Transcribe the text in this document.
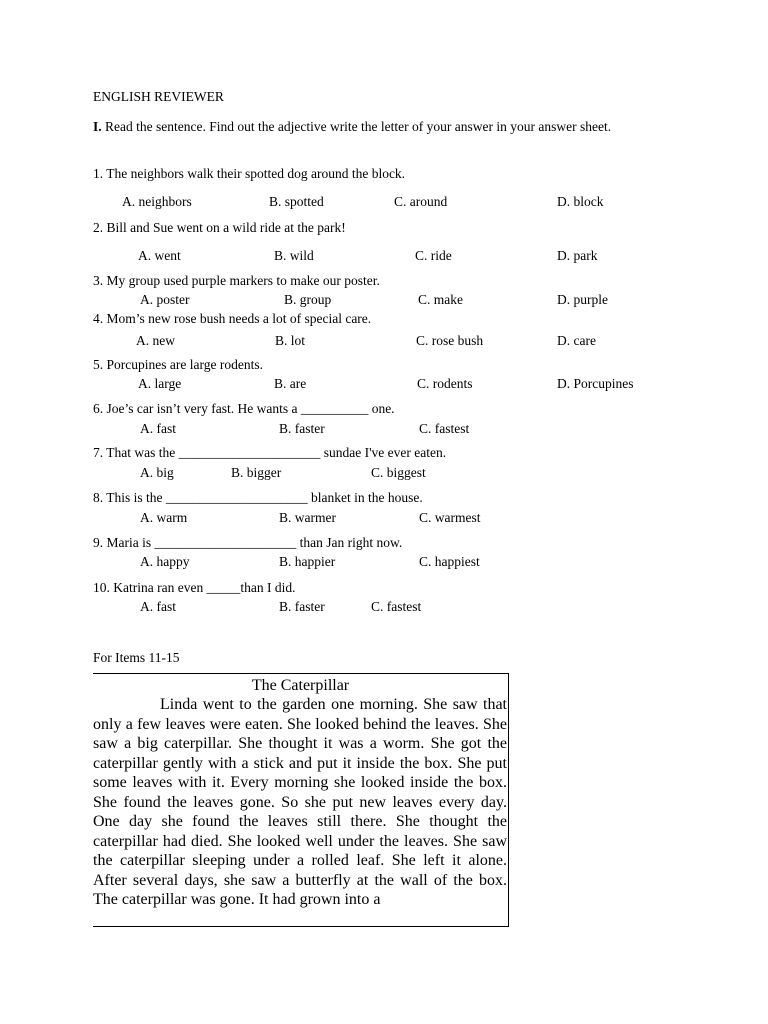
ENGLISH REVIEWER
I. Read the sentence. Find out the adjective write the letter of your answer in your answer sheet.
1. The neighbors walk their spotted dog around the block.
A. neighbors	B. spotted	C. around	D. block
2. Bill and Sue went on a wild ride at the park!
A. went	B. wild	C. ride	D. park
3. My group used purple markers to make our poster.
A. poster	B. group	C. make	D. purple
4. Mom’s new rose bush needs a lot of special care.
A. new	B. lot	C. rose bush	D. care
5. Porcupines are large rodents.
A. large	B. are	C. rodents	D. Porcupines
6. Joe’s car isn’t very fast. He wants a __________ one.
A. fast	B. faster	C. fastest
7. That was the _____________________ sundae I've ever eaten.
A. big	B. bigger	C. biggest
8. This is the _____________________ blanket in the house.
A. warm	B. warmer	C. warmest
9. Maria is _____________________ than Jan right now.
A. happy	B. happier	C. happiest
10. Katrina ran even _____than I did.
A. fast	B. faster	C. fastest
For Items 11-15
The Caterpillar
Linda went to the garden one morning. She saw that only a few leaves were eaten. She looked behind the leaves. She saw a big caterpillar. She thought it was a worm. She got the caterpillar gently with a stick and put it inside the box. She put some leaves with it. Every morning she looked inside the box. She found the leaves gone. So she put new leaves every day. One day she found the leaves still there. She thought the caterpillar had died. She looked well under the leaves. She saw the caterpillar sleeping under a rolled leaf. She left it alone. After several days, she saw a butterfly at the wall of the box. The caterpillar was gone. It had grown into a
